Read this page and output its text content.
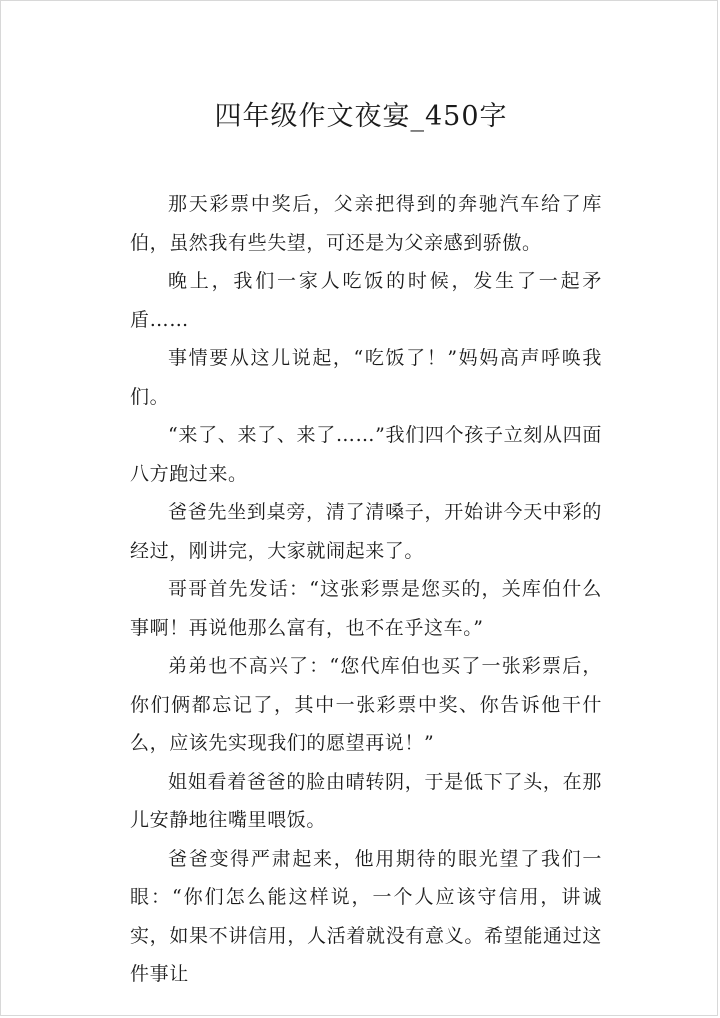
四年级作文夜宴_450字

那天彩票中奖后，父亲把得到的奔驰汽车给了库伯，虽然我有些失望，可还是为父亲感到骄傲。

晚上，我们一家人吃饭的时候，发生了一起矛盾……

事情要从这儿说起，“吃饭了！”妈妈高声呼唤我们。

“来了、来了、来了……”我们四个孩子立刻从四面八方跑过来。

爸爸先坐到桌旁，清了清嗓子，开始讲今天中彩的经过，刚讲完，大家就闹起来了。

哥哥首先发话：“这张彩票是您买的，关库伯什么事啊！再说他那么富有，也不在乎这车。”

弟弟也不高兴了：“您代库伯也买了一张彩票后，你们俩都忘记了，其中一张彩票中奖、你告诉他干什么，应该先实现我们的愿望再说！”

姐姐看着爸爸的脸由晴转阴，于是低下了头，在那儿安静地往嘴里喂饭。

爸爸变得严肃起来，他用期待的眼光望了我们一眼：“你们怎么能这样说，一个人应该守信用，讲诚实，如果不讲信用，人活着就没有意义。希望能通过这件事让
